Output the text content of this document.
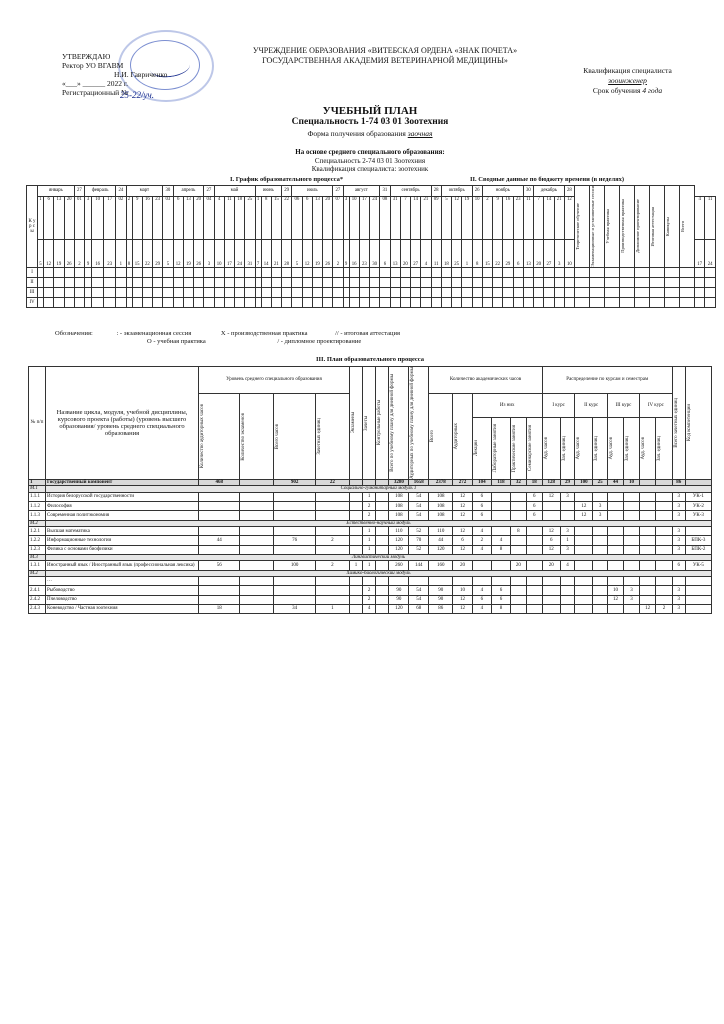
УТВЕРЖДАЮ
Ректор УО ВГАВМ
Н.И. Гавриченко
«___» ______ 2022 г.
Регистрационный №
25-22/уч.
УЧРЕЖДЕНИЕ ОБРАЗОВАНИЯ «ВИТЕБСКАЯ ОРДЕНА «ЗНАК ПОЧЕТА»
ГОСУДАРСТВЕННАЯ АКАДЕМИЯ ВЕТЕРИНАРНОЙ МЕДИЦИНЫ»
Квалификация специалиста
зооинженер
Срок обучения 4 года
УЧЕБНЫЙ ПЛАН
Специальность 1-74 03 01 Зоотехния
Форма получения образования заочная
На основе среднего специального образования:
Специальность 2-74 03 01 Зоотехния
Квалификация специалиста: зоотехник
I. График образовательного процесса*	II. Сводные данные по бюджету времени (в неделях)
К у р с ы	январь	27	февраль	24	март	30	апрель	27	май	июнь	29	июль	27	август	31	сентябрь	28	октябрь	26	ноябрь	30	декабрь	28	Теоретическое обучение	Экзаменационные и установочные сессии	Учебная практика	Производственная практика	Дипломное проектирование	Итоговая аттестация	Каникулы	Всего

1	6	13	20	01	3	10	17	02	2	9	16	23	03	6	13	20	04	4	11	18	25	1	8	15	22	06	6	13	20	07	3	10	17	24	08	31	7	14	21	09	5	12	19	10	2	9	16	23	11	7	14	21	12	4	11
5	12	19	26	2	9	16	23	1	8	15	22	29	5	12	19	26	3	10	17	24	31	7	14	21	28	5	12	19	26	2	9	16	23	30	6	13	20	27	4	11	18	25	1	8	15	22	29	6	13	20	27	3	10	17	24
I																																																																
II																																																																
III																																																																
IV																																																																
Обозначения:	: - экзаменационная сессия	X - производственная практика	// - итоговая аттестация
О - учебная практика	/ - дипломное проектирование
III. План образовательного процесса
№ п/п	Название цикла, модуля, учебной дисциплины, курсового проекта (работы) (уровень высшего образования/ уровень среднего специального образования	Уровень среднего специального образования				Экзамены	Зачеты	Контрольные работы	Всего по учебному плану для дневной формы	Аудиторных по учебному плану для дневной формы	Количество академических часов						Распределение по курсам и семестрам								Всего зачетных единиц	Код компетенции

		Количество аудиторных часов	Количество экзаменов	Всего часов	Зачетных единиц						Всего	Аудиторных	Из них				I курс		II курс		III курс		IV курс			

													Лекции	Лабораторные занятия	Практические занятия	Семинарские занятия	Ауд. часов	Зач. единиц	Ауд. часов	Зач. единиц	Ауд. часов	Зач. единиц	Ауд. часов	Зач. единиц		

1	Государственный компонент	468		902	22				3280	1658	2378	272	104	118	32	18	128	29	100	25	44	10			86	
М.1	Социально-гуманитарный модуль 1																									
1.1.1	История белорусской государственности						1		108	54	108	12	6			6	12	3							3	УК-1
1.1.2	Философия						2		108	54	108	12	6			6			12	3					3	УК-2
1.1.3	Современная политэкономия						2		108	54	108	12	6			6			12	3					3	УК-3
М.2	Естественно-научный модуль																									
1.2.1	Высшая математика						1		110	52	110	12	4		8		12	3							3	
1.2.2	Информационные технологии	44		76	2		1		120	70	44	6	2	4			6	1							3	БПК-3
1.2.3	Физика с основами биофизики						1		120	52	120	12	4	8			12	3							3	БПК-2
М.3	Лингвистический модуль																									
1.3.1	Иностранный язык / Иностранный язык (профессиональная лексика)	56		100	2	1	1		260	144	160	20			20		20	4							6	УК-5
М.2	Химико-биологический модуль																									
	…																									
2.4.1	Рыбоводство						2		90	54	90	10	4	6							10	3			3	
2.4.2	Пчеловодство						2		90	54	90	12	6	6							12	3			3	
2.4.3	Коневодство / Частная зоотехния	18		34	1		4		120	68	86	12	4	8									12	2	3	
